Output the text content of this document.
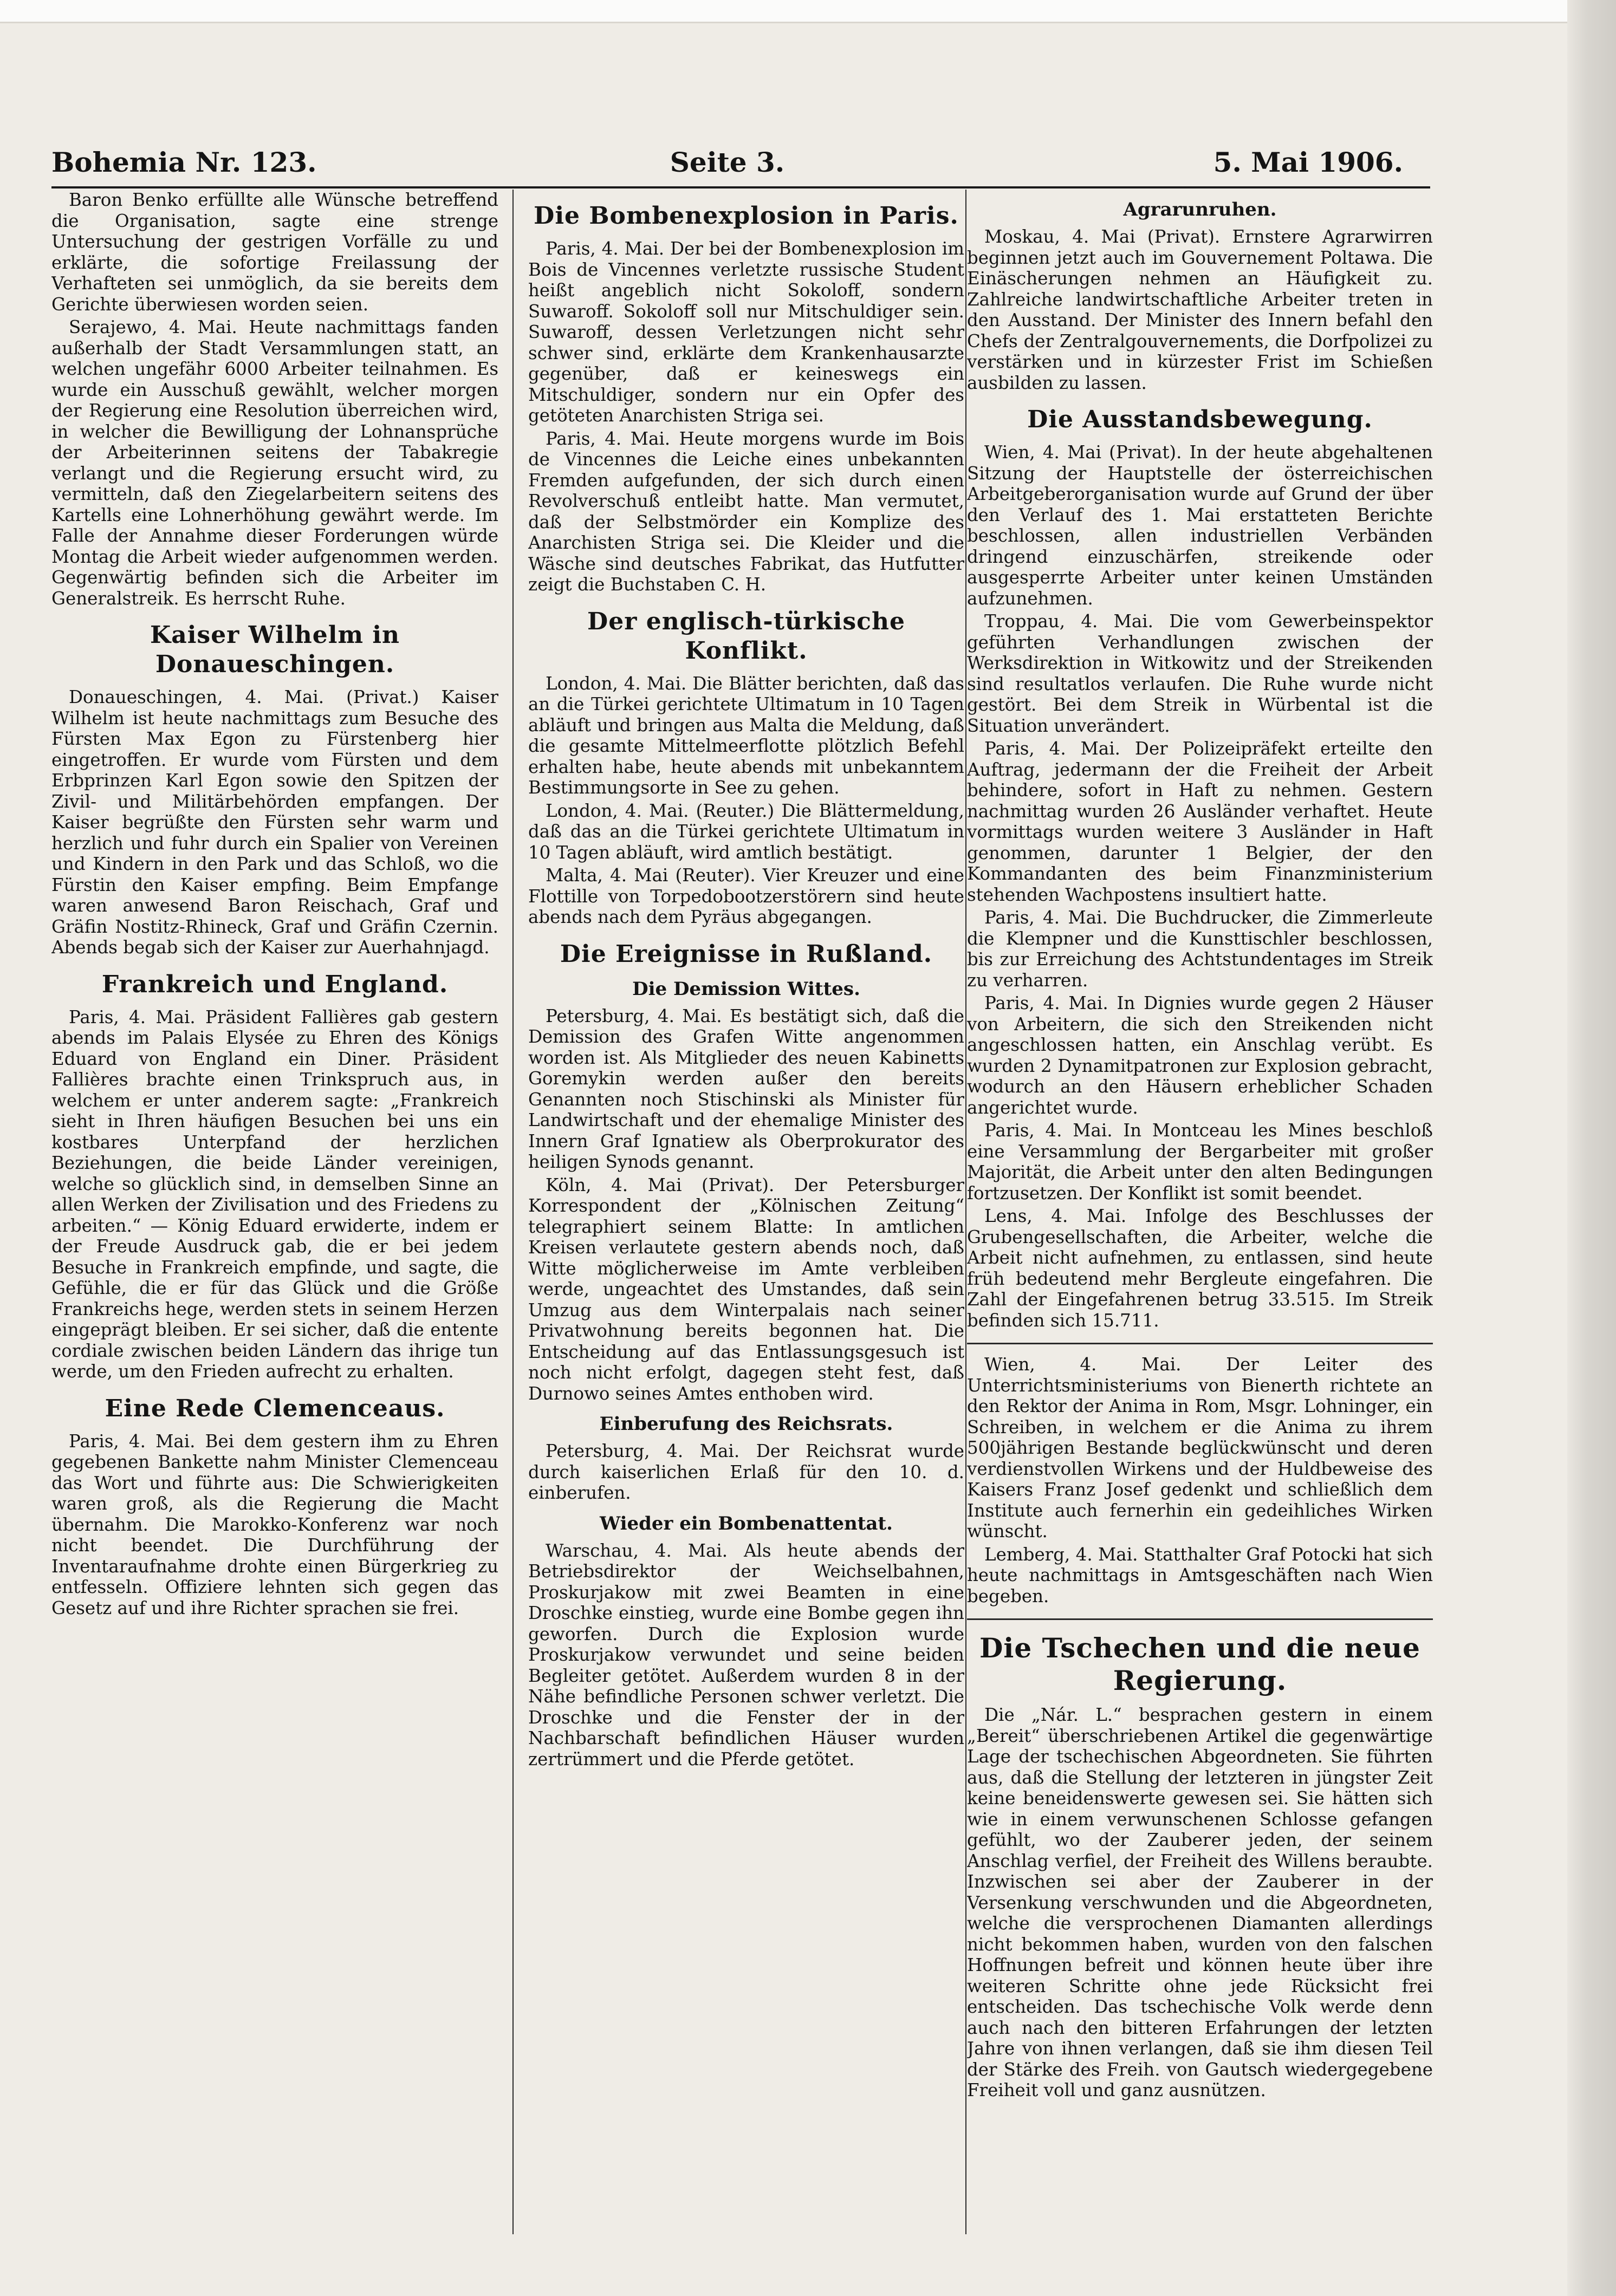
Bohemia Nr. 123.	Seite 3.	5. Mai 1906.

Baron Benko erfüllte alle Wünsche betreffend die Organisation, sagte eine strenge Untersuchung der gestrigen Vorfälle zu und erklärte, die sofortige Freilassung der Verhafteten sei unmöglich, da sie bereits dem Gerichte überwiesen worden seien.

Serajewo, 4. Mai. Heute nachmittags fanden außerhalb der Stadt Versammlungen statt, an welchen ungefähr 6000 Arbeiter teilnahmen. Es wurde ein Ausschuß gewählt, welcher morgen der Regierung eine Resolution überreichen wird, in welcher die Bewilligung der Lohnansprüche der Arbeiterinnen seitens der Tabakregie verlangt und die Regierung ersucht wird, zu vermitteln, daß den Ziegelarbeitern seitens des Kartells eine Lohnerhöhung gewährt werde. Im Falle der Annahme dieser Forderungen würde Montag die Arbeit wieder aufgenommen werden. Gegenwärtig befinden sich die Arbeiter im Generalstreik. Es herrscht Ruhe.

Kaiser Wilhelm in Donaueschingen.

Donaueschingen, 4. Mai. (Privat.) Kaiser Wilhelm ist heute nachmittags zum Besuche des Fürsten Max Egon zu Fürstenberg hier eingetroffen. Er wurde vom Fürsten und dem Erbprinzen Karl Egon sowie den Spitzen der Zivil- und Militärbehörden empfangen. Der Kaiser begrüßte den Fürsten sehr warm und herzlich und fuhr durch ein Spalier von Vereinen und Kindern in den Park und das Schloß, wo die Fürstin den Kaiser empfing. Beim Empfange waren anwesend Baron Reischach, Graf und Gräfin Nostitz-Rhineck, Graf und Gräfin Czernin. Abends begab sich der Kaiser zur Auerhahnjagd.

Frankreich und England.

Paris, 4. Mai. Präsident Fallières gab gestern abends im Palais Elysée zu Ehren des Königs Eduard von England ein Diner. Präsident Fallières brachte einen Trinkspruch aus, in welchem er unter anderem sagte: „Frankreich sieht in Ihren häufigen Besuchen bei uns ein kostbares Unterpfand der herzlichen Beziehungen, die beide Länder vereinigen, welche so glücklich sind, in demselben Sinne an allen Werken der Zivilisation und des Friedens zu arbeiten.“ — König Eduard erwiderte, indem er der Freude Ausdruck gab, die er bei jedem Besuche in Frankreich empfinde, und sagte, die Gefühle, die er für das Glück und die Größe Frankreichs hege, werden stets in seinem Herzen eingeprägt bleiben. Er sei sicher, daß die entente cordiale zwischen beiden Ländern das ihrige tun werde, um den Frieden aufrecht zu erhalten.

Eine Rede Clemenceaus.

Paris, 4. Mai. Bei dem gestern ihm zu Ehren gegebenen Bankette nahm Minister Clemenceau das Wort und führte aus: Die Schwierigkeiten waren groß, als die Regierung die Macht übernahm. Die Marokko-Konferenz war noch nicht beendet. Die Durchführung der Inventaraufnahme drohte einen Bürgerkrieg zu entfesseln. Offiziere lehnten sich gegen das Gesetz auf und ihre Richter sprachen sie frei.

Die Bombenexplosion in Paris.

Paris, 4. Mai. Der bei der Bombenexplosion im Bois de Vincennes verletzte russische Student heißt angeblich nicht Sokoloff, sondern Suwaroff. Sokoloff soll nur Mitschuldiger sein. Suwaroff, dessen Verletzungen nicht sehr schwer sind, erklärte dem Krankenhausarzte gegenüber, daß er keineswegs ein Mitschuldiger, sondern nur ein Opfer des getöteten Anarchisten Striga sei.

Paris, 4. Mai. Heute morgens wurde im Bois de Vincennes die Leiche eines unbekannten Fremden aufgefunden, der sich durch einen Revolverschuß entleibt hatte. Man vermutet, daß der Selbstmörder ein Komplize des Anarchisten Striga sei. Die Kleider und die Wäsche sind deutsches Fabrikat, das Hutfutter zeigt die Buchstaben C. H.

Der englisch-türkische Konflikt.

London, 4. Mai. Die Blätter berichten, daß das an die Türkei gerichtete Ultimatum in 10 Tagen abläuft und bringen aus Malta die Meldung, daß die gesamte Mittelmeerflotte plötzlich Befehl erhalten habe, heute abends mit unbekanntem Bestimmungsorte in See zu gehen.

London, 4. Mai. (Reuter.) Die Blättermeldung, daß das an die Türkei gerichtete Ultimatum in 10 Tagen abläuft, wird amtlich bestätigt.

Malta, 4. Mai (Reuter). Vier Kreuzer und eine Flottille von Torpedobootzerstörern sind heute abends nach dem Pyräus abgegangen.

Die Ereignisse in Rußland.
Die Demission Wittes.

Petersburg, 4. Mai. Es bestätigt sich, daß die Demission des Grafen Witte angenommen worden ist. Als Mitglieder des neuen Kabinetts Goremykin werden außer den bereits Genannten noch Stischinski als Minister für Landwirtschaft und der ehemalige Minister des Innern Graf Ignatiew als Oberprokurator des heiligen Synods genannt.

Köln, 4. Mai (Privat). Der Petersburger Korrespondent der „Kölnischen Zeitung“ telegraphiert seinem Blatte: In amtlichen Kreisen verlautete gestern abends noch, daß Witte möglicherweise im Amte verbleiben werde, ungeachtet des Umstandes, daß sein Umzug aus dem Winterpalais nach seiner Privatwohnung bereits begonnen hat. Die Entscheidung auf das Entlassungsgesuch ist noch nicht erfolgt, dagegen steht fest, daß Durnowo seines Amtes enthoben wird.

Einberufung des Reichsrats.

Petersburg, 4. Mai. Der Reichsrat wurde durch kaiserlichen Erlaß für den 10. d. einberufen.

Wieder ein Bombenattentat.

Warschau, 4. Mai. Als heute abends der Betriebsdirektor der Weichselbahnen, Proskurjakow mit zwei Beamten in eine Droschke einstieg, wurde eine Bombe gegen ihn geworfen. Durch die Explosion wurde Proskurjakow verwundet und seine beiden Begleiter getötet. Außerdem wurden 8 in der Nähe befindliche Personen schwer verletzt. Die Droschke und die Fenster der in der Nachbarschaft befindlichen Häuser wurden zertrümmert und die Pferde getötet.

Agrarunruhen.

Moskau, 4. Mai (Privat). Ernstere Agrarwirren beginnen jetzt auch im Gouvernement Poltawa. Die Einäscherungen nehmen an Häufigkeit zu. Zahlreiche landwirtschaftliche Arbeiter treten in den Ausstand. Der Minister des Innern befahl den Chefs der Zentralgouvernements, die Dorfpolizei zu verstärken und in kürzester Frist im Schießen ausbilden zu lassen.

Die Ausstandsbewegung.

Wien, 4. Mai (Privat). In der heute abgehaltenen Sitzung der Hauptstelle der österreichischen Arbeitgeberorganisation wurde auf Grund der über den Verlauf des 1. Mai erstatteten Berichte beschlossen, allen industriellen Verbänden dringend einzuschärfen, streikende oder ausgesperrte Arbeiter unter keinen Umständen aufzunehmen.

Troppau, 4. Mai. Die vom Gewerbeinspektor geführten Verhandlungen zwischen der Werksdirektion in Witkowitz und der Streikenden sind resultatlos verlaufen. Die Ruhe wurde nicht gestört. Bei dem Streik in Würbental ist die Situation unverändert.

Paris, 4. Mai. Der Polizeipräfekt erteilte den Auftrag, jedermann der die Freiheit der Arbeit behindere, sofort in Haft zu nehmen. Gestern nachmittag wurden 26 Ausländer verhaftet. Heute vormittags wurden weitere 3 Ausländer in Haft genommen, darunter 1 Belgier, der den Kommandanten des beim Finanzministerium stehenden Wachpostens insultiert hatte.

Paris, 4. Mai. Die Buchdrucker, die Zimmerleute die Klempner und die Kunsttischler beschlossen, bis zur Erreichung des Achtstundentages im Streik zu verharren.

Paris, 4. Mai. In Dignies wurde gegen 2 Häuser von Arbeitern, die sich den Streikenden nicht angeschlossen hatten, ein Anschlag verübt. Es wurden 2 Dynamitpatronen zur Explosion gebracht, wodurch an den Häusern erheblicher Schaden angerichtet wurde.

Paris, 4. Mai. In Montceau les Mines beschloß eine Versammlung der Bergarbeiter mit großer Majorität, die Arbeit unter den alten Bedingungen fortzusetzen. Der Konflikt ist somit beendet.

Lens, 4. Mai. Infolge des Beschlusses der Grubengesellschaften, die Arbeiter, welche die Arbeit nicht aufnehmen, zu entlassen, sind heute früh bedeutend mehr Bergleute eingefahren. Die Zahl der Eingefahrenen betrug 33.515. Im Streik befinden sich 15.711.

Wien, 4. Mai. Der Leiter des Unterrichtsministeriums von Bienerth richtete an den Rektor der Anima in Rom, Msgr. Lohninger, ein Schreiben, in welchem er die Anima zu ihrem 500jährigen Bestande beglückwünscht und deren verdienstvollen Wirkens und der Huldbeweise des Kaisers Franz Josef gedenkt und schließlich dem Institute auch fernerhin ein gedeihliches Wirken wünscht.

Lemberg, 4. Mai. Statthalter Graf Potocki hat sich heute nachmittags in Amtsgeschäften nach Wien begeben.

Die Tschechen und die neue Regierung.

Die „Nár. L.“ besprachen gestern in einem „Bereit“ überschriebenen Artikel die gegenwärtige Lage der tschechischen Abgeordneten. Sie führten aus, daß die Stellung der letzteren in jüngster Zeit keine beneidenswerte gewesen sei. Sie hätten sich wie in einem verwunschenen Schlosse gefangen gefühlt, wo der Zauberer jeden, der seinem Anschlag verfiel, der Freiheit des Willens beraubte. Inzwischen sei aber der Zauberer in der Versenkung verschwunden und die Abgeordneten, welche die versprochenen Diamanten allerdings nicht bekommen haben, wurden von den falschen Hoffnungen befreit und können heute über ihre weiteren Schritte ohne jede Rücksicht frei entscheiden. Das tschechische Volk werde denn auch nach den bitteren Erfahrungen der letzten Jahre von ihnen verlangen, daß sie ihm diesen Teil der Stärke des Freih. von Gautsch wiedergegebene Freiheit voll und ganz ausnützen.
